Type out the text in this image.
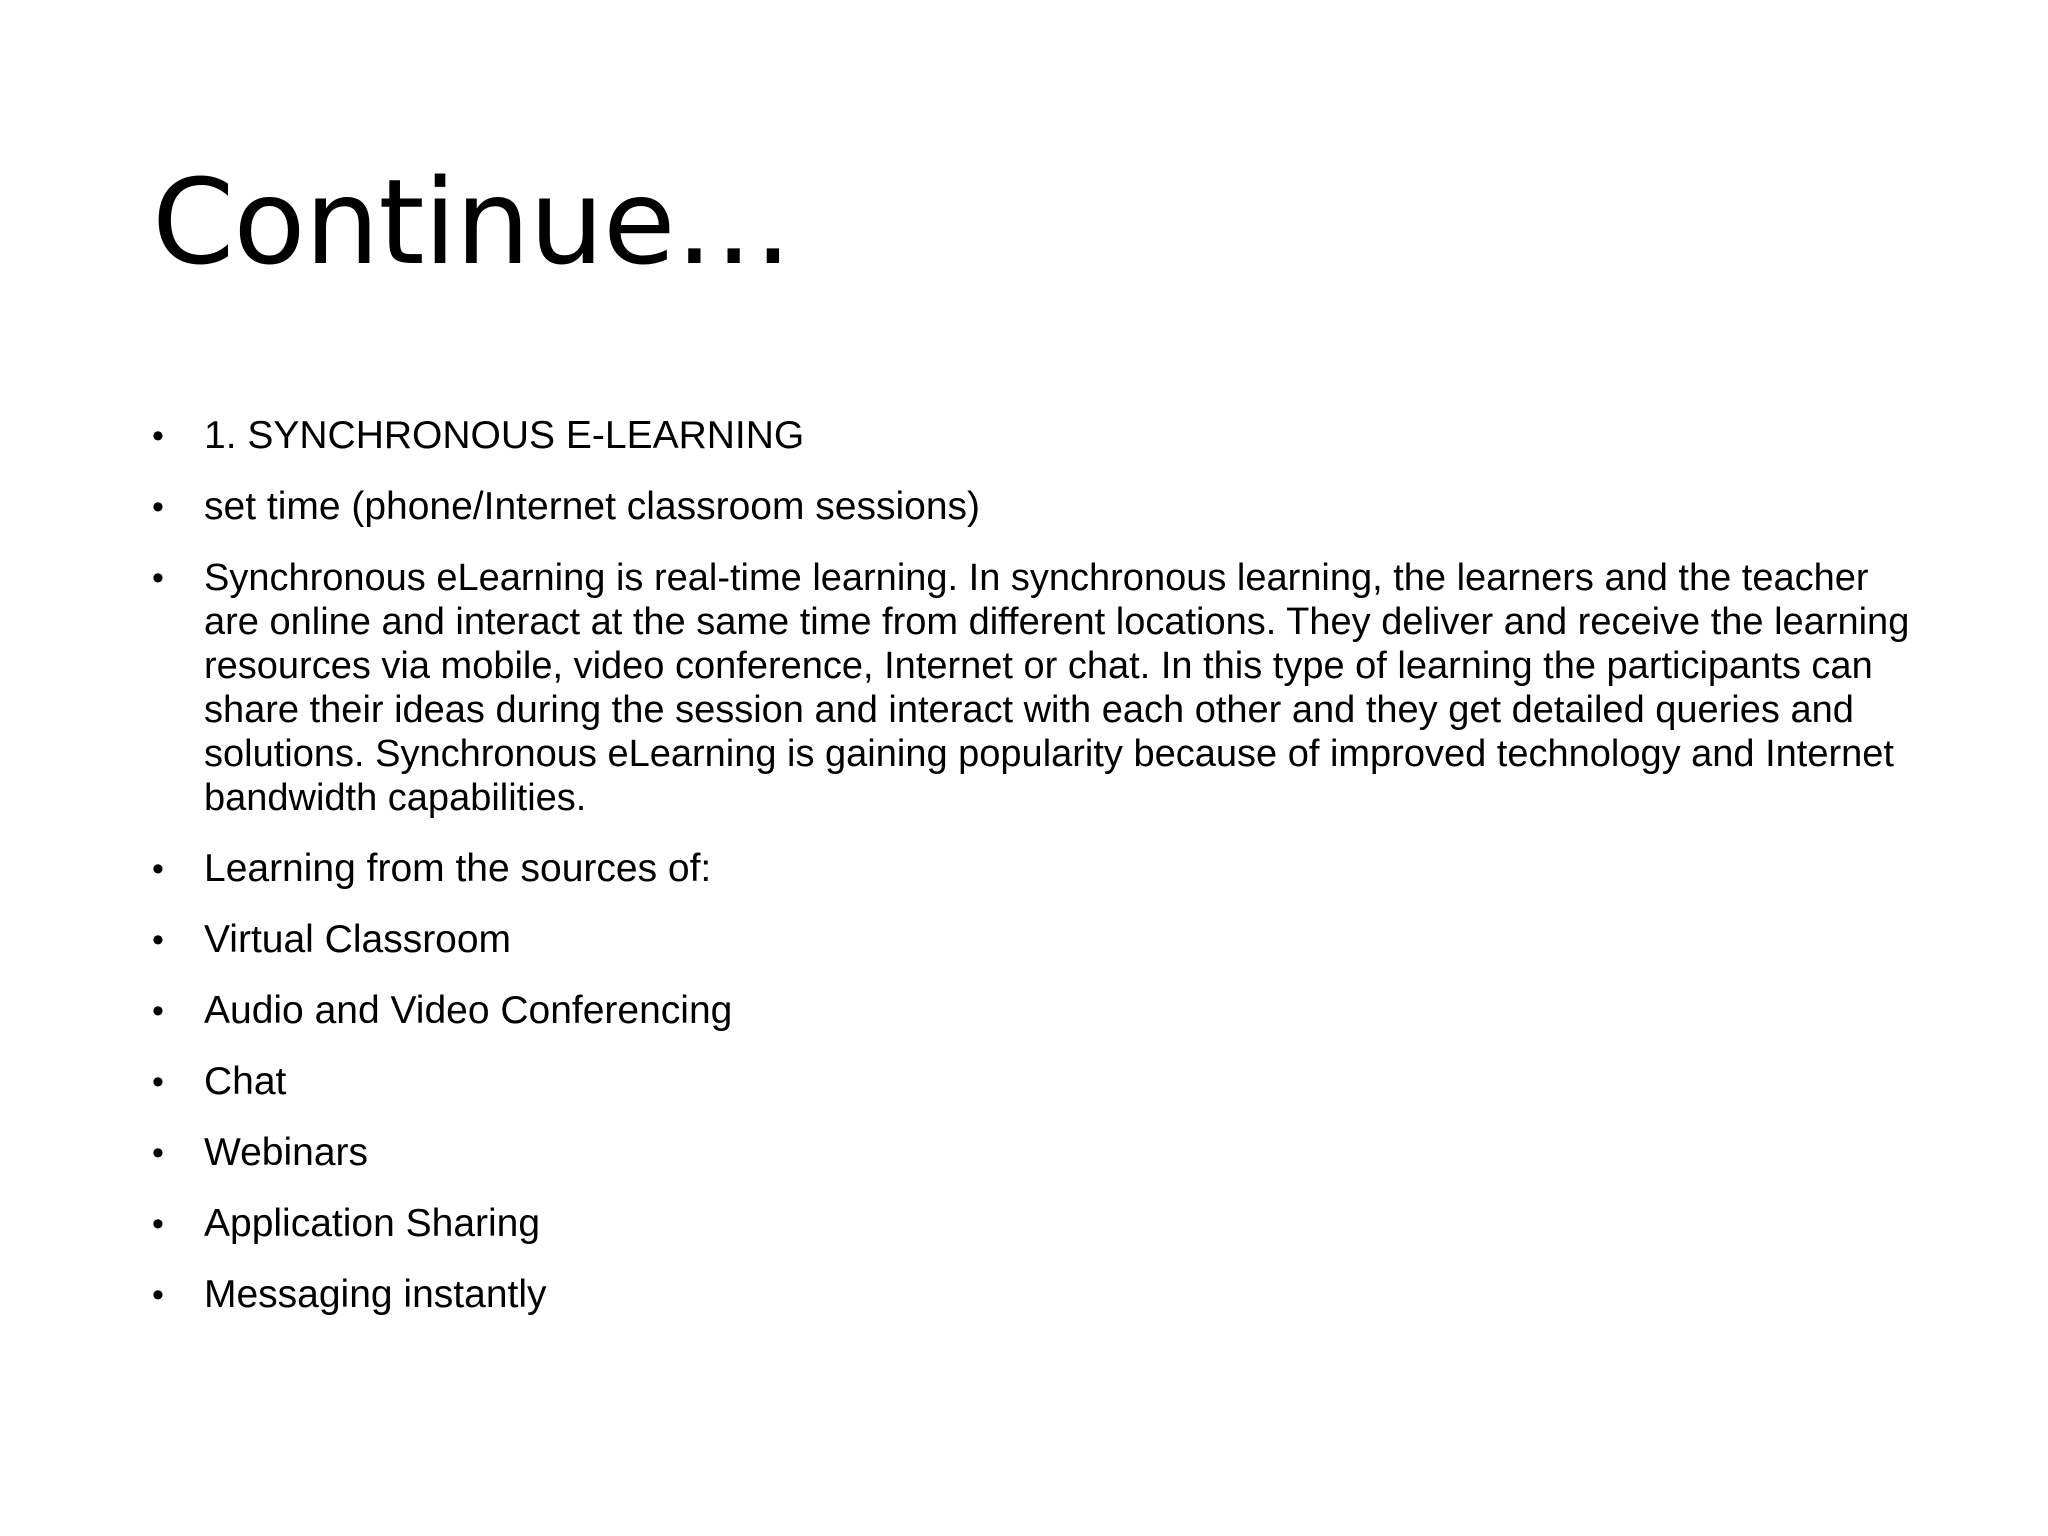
Continue…
• 1. SYNCHRONOUS E-LEARNING
• set time (phone/Internet classroom sessions)
• Synchronous eLearning is real-time learning. In synchronous learning, the learners and the teacher are online and interact at the same time from different locations. They deliver and receive the learning resources via mobile, video conference, Internet or chat. In this type of learning the participants can share their ideas during the session and interact with each other and they get detailed queries and solutions. Synchronous eLearning is gaining popularity because of improved technology and Internet bandwidth capabilities.
• Learning from the sources of:
• Virtual Classroom
• Audio and Video Conferencing
• Chat
• Webinars
• Application Sharing
• Messaging instantly
